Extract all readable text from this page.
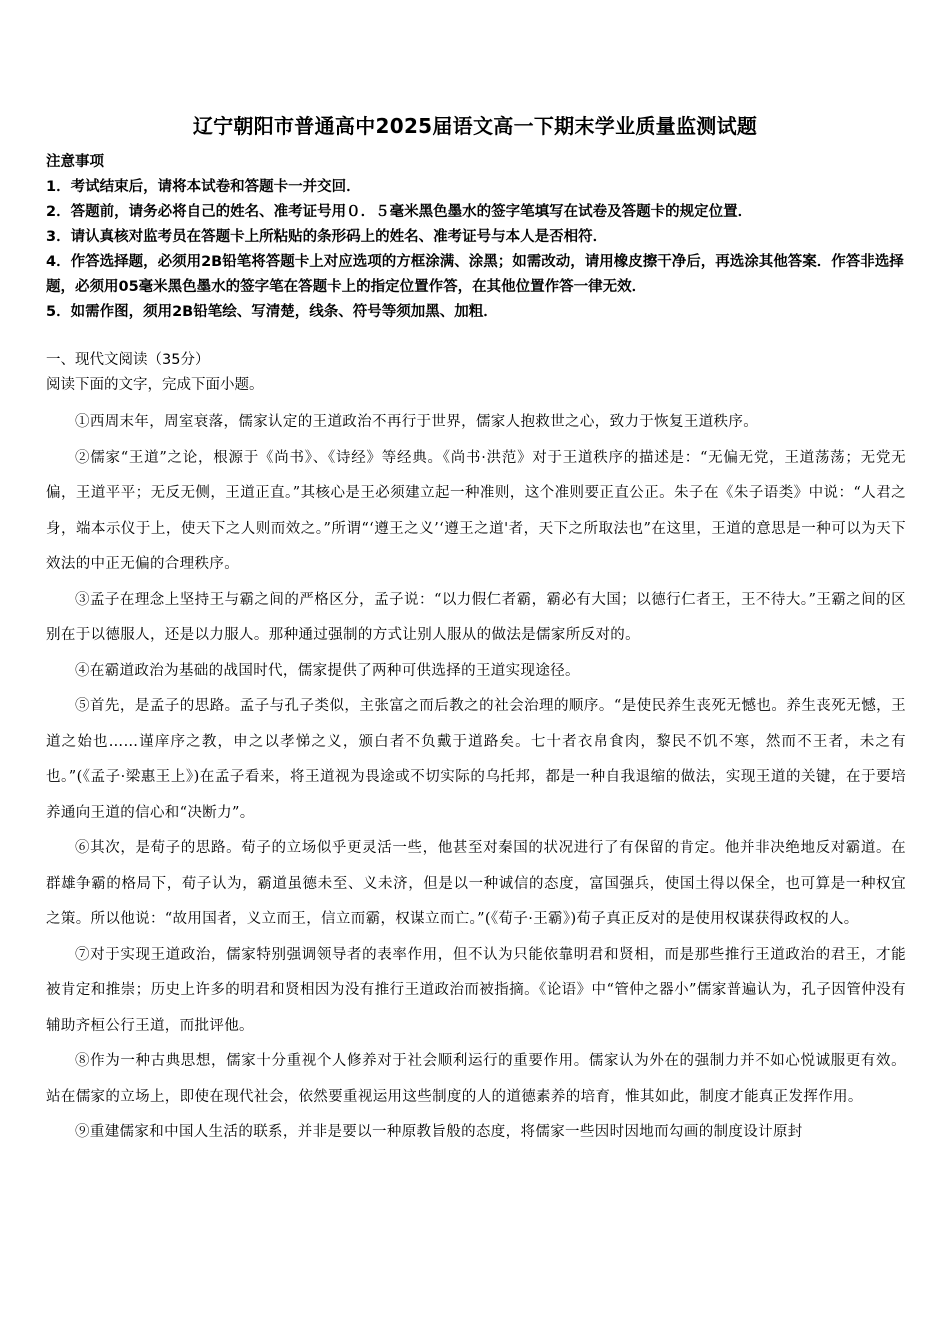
辽宁朝阳市普通高中2025届语文高一下期末学业质量监测试题

注意事项

1．考试结束后，请将本试卷和答题卡一并交回．

2．答题前，请务必将自己的姓名、准考证号用０．５毫米黑色墨水的签字笔填写在试卷及答题卡的规定位置．

3．请认真核对监考员在答题卡上所粘贴的条形码上的姓名、准考证号与本人是否相符．

4．作答选择题，必须用2B铅笔将答题卡上对应选项的方框涂满、涂黑；如需改动，请用橡皮擦干净后，再选涂其他答案．作答非选择题，必须用05毫米黑色墨水的签字笔在答题卡上的指定位置作答，在其他位置作答一律无效．

5．如需作图，须用2B铅笔绘、写清楚，线条、符号等须加黑、加粗．

一、现代文阅读（35分）
阅读下面的文字，完成下面小题。

①西周末年，周室衰落，儒家认定的王道政治不再行于世界，儒家人抱救世之心，致力于恢复王道秩序。

②儒家“王道”之论，根源于《尚书》、《诗经》等经典。《尚书·洪范》对于王道秩序的描述是：“无偏无党，王道荡荡；无党无偏，王道平平；无反无侧，王道正直。”其核心是王必须建立起一种准则，这个准则要正直公正。朱子在《朱子语类》中说：“人君之身，端本示仪于上，使天下之人则而效之。”所谓“‘遵王之义’‘遵王之道'者，天下之所取法也”在这里，王道的意思是一种可以为天下效法的中正无偏的合理秩序。

③孟子在理念上坚持王与霸之间的严格区分，孟子说：“以力假仁者霸，霸必有大国；以德行仁者王，王不待大。”王霸之间的区别在于以德服人，还是以力服人。那种通过强制的方式让别人服从的做法是儒家所反对的。

④在霸道政治为基础的战国时代，儒家提供了两种可供选择的王道实现途径。

⑤首先，是孟子的思路。孟子与孔子类似，主张富之而后教之的社会治理的顺序。“是使民养生丧死无憾也。养生丧死无憾，王道之始也……谨庠序之教，申之以孝悌之义，颁白者不负戴于道路矣。七十者衣帛食肉，黎民不饥不寒，然而不王者，未之有也。”(《孟子·梁惠王上》)在孟子看来，将王道视为畏途或不切实际的乌托邦，都是一种自我退缩的做法，实现王道的关键，在于要培养通向王道的信心和“决断力”。

⑥其次，是荀子的思路。荀子的立场似乎更灵活一些，他甚至对秦国的状况进行了有保留的肯定。他并非决绝地反对霸道。在群雄争霸的格局下，荀子认为，霸道虽德未至、义未济，但是以一种诚信的态度，富国强兵，使国土得以保全，也可算是一种权宜之策。所以他说：“故用国者，义立而王，信立而霸，权谋立而亡。”(《荀子·王霸》)荀子真正反对的是使用权谋获得政权的人。

⑦对于实现王道政治，儒家特别强调领导者的表率作用，但不认为只能依靠明君和贤相，而是那些推行王道政治的君王，才能被肯定和推崇；历史上许多的明君和贤相因为没有推行王道政治而被指摘。《论语》中“管仲之器小”儒家普遍认为，孔子因管仲没有辅助齐桓公行王道，而批评他。

⑧作为一种古典思想，儒家十分重视个人修养对于社会顺利运行的重要作用。儒家认为外在的强制力并不如心悦诚服更有效。站在儒家的立场上，即使在现代社会，依然要重视运用这些制度的人的道德素养的培育，惟其如此，制度才能真正发挥作用。

⑨重建儒家和中国人生活的联系，并非是要以一种原教旨般的态度，将儒家一些因时因地而勾画的制度设计原封
